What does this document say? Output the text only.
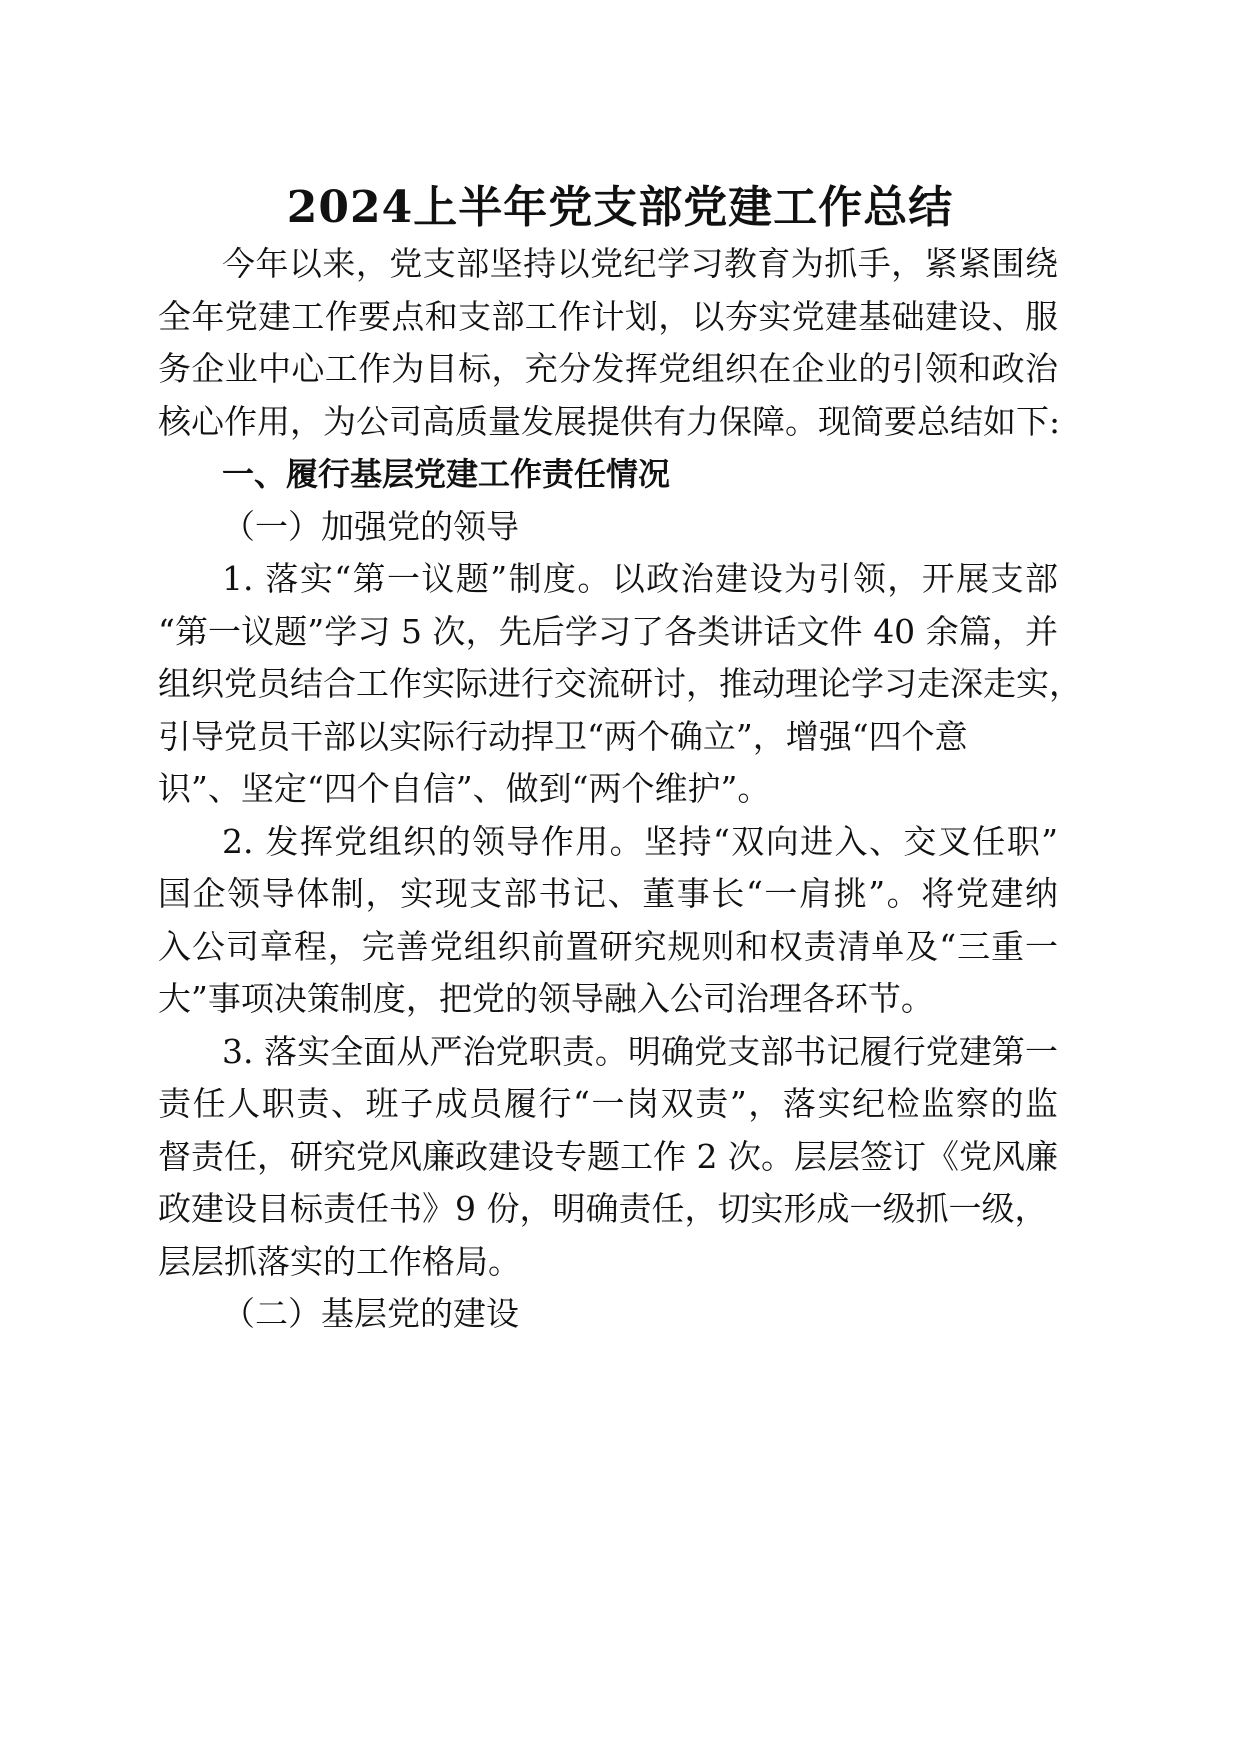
2024上半年党支部党建工作总结
今年以来，党支部坚持以党纪学习教育为抓手，紧紧围绕
全年党建工作要点和支部工作计划，以夯实党建基础建设、服
务企业中心工作为目标，充分发挥党组织在企业的引领和政治
核心作用，为公司高质量发展提供有力保障。现简要总结如下:
一、履行基层党建工作责任情况
（一）加强党的领导
1. 落实“第一议题”制度。以政治建设为引领，开展支部
“第一议题”学习 5 次，先后学习了各类讲话文件 40 余篇，并
组织党员结合工作实际进行交流研讨，推动理论学习走深走实，
引导党员干部以实际行动捍卫“两个确立”，增强“四个意
识”、坚定“四个自信”、做到“两个维护”。
2. 发挥党组织的领导作用。坚持“双向进入、交叉任职”
国企领导体制，实现支部书记、董事长“一肩挑”。将党建纳
入公司章程，完善党组织前置研究规则和权责清单及“三重一
大”事项决策制度，把党的领导融入公司治理各环节。
3. 落实全面从严治党职责。明确党支部书记履行党建第一
责任人职责、班子成员履行“一岗双责”，落实纪检监察的监
督责任，研究党风廉政建设专题工作 2 次。层层签订《党风廉
政建设目标责任书》9 份，明确责任，切实形成一级抓一级，
层层抓落实的工作格局。
（二）基层党的建设
